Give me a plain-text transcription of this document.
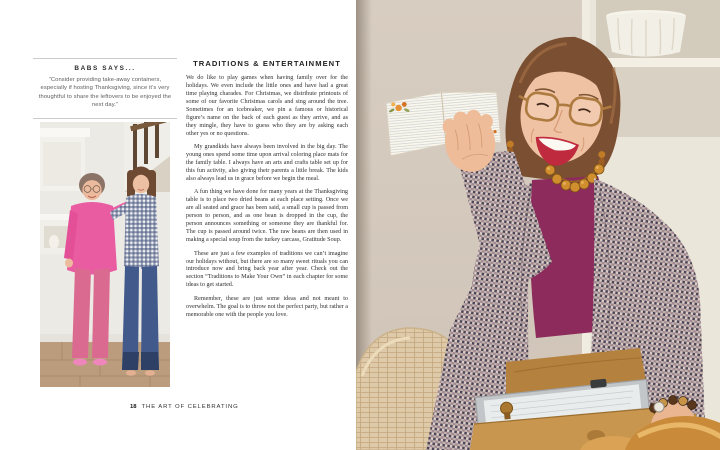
BABS SAYS...
“Consider providing take-away containers, especially if hosting Thanksgiving, since it’s very thoughtful to share the leftovers to be enjoyed the next day.”
TRADITIONS & ENTERTAINMENT

We do like to play games when having family over for the holidays. We even include the little ones and have had a great time playing charades. For Christmas, we distribute printouts of some of our favorite Christmas carols and sing around the tree. Sometimes for an icebreaker, we pin a famous or historical figure’s name on the back of each guest as they arrive, and as they mingle, they have to guess who they are by asking each other yes or no questions.

My grandkids have always been involved in the big day. The young ones spend some time upon arrival coloring place mats for the family table. I always have an arts and crafts table set up for this fun activity, also giving their parents a little break. The kids also always lead us in grace before we begin the meal.

A fun thing we have done for many years at the Thanksgiving table is to place two dried beans at each place setting. Once we are all seated and grace has been said, a small cup is passed from person to person, and as one bean is dropped in the cup, the person announces something or someone they are thankful for. The cup is passed around twice. The raw beans are then used in making a special soup from the turkey carcass, Gratitude Soup.

These are just a few examples of traditions we can’t imagine our holidays without, but there are so many sweet rituals you can introduce now and bring back year after year. Check out the section “Traditions to Make Your Own” in each chapter for some ideas to get started.

Remember, these are just some ideas and not meant to overwhelm. The goal is to throw not the perfect party, but rather a memorable one with the people you love.

18 THE ART OF CELEBRATING
